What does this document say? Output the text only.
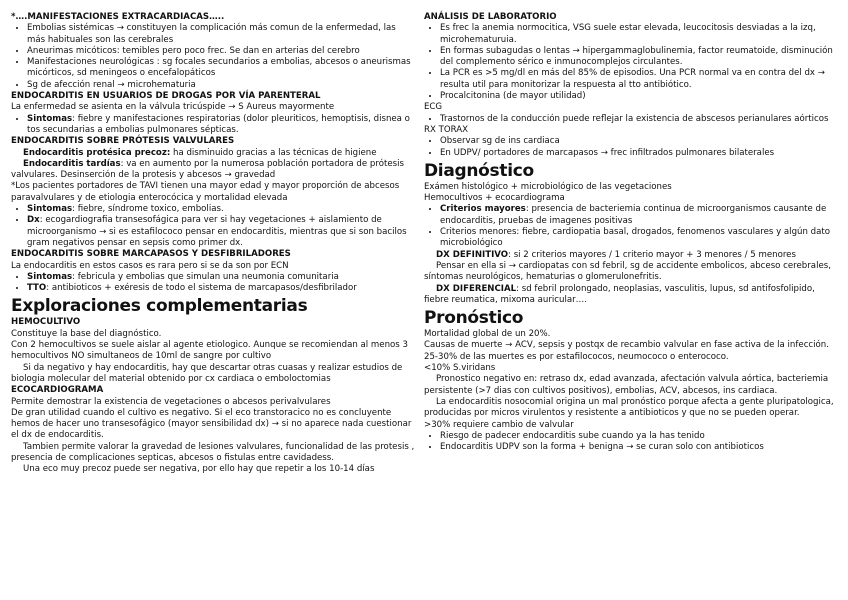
*….MANIFESTACIONES EXTRACARDIACAS…..

• Embolias sistémicas → constituyen la complicación más comun de la enfermedad, las más habituales son las cerebrales
• Aneurimas micóticos: temibles pero poco frec. Se dan en arterias del cerebro
• Manifestaciones neurológicas : sg focales secundarios a embolias, abcesos o aneurismas micórticos, sd meningeos o encefalopáticos
• Sg de afección renal → microhematuria

ENDOCARDITIS EN USUARIOS DE DROGAS POR VÍA PARENTERAL

La enfermedad se asienta en la válvula tricúspide → S Aureus mayormente

• Sintomas: fiebre y manifestaciones respiratorias (dolor pleuriticos, hemoptisis, disnea o tos secundarias a embolias pulmonares sépticas.

ENDOCARDITIS SOBRE PRÓTESIS VALVULARES

Endocarditis protésica precoz: ha disminuido gracias a las técnicas de higiene

Endocarditis tardías: va en aumento por la numerosa población portadora de prótesis valvulares. Desinserción de la protesis y abcesos → gravedad

*Los pacientes portadores de TAVI tienen una mayor edad y mayor proporción de abcesos paravalvulares y de etiologia enterocócica y mortalidad elevada

• Sintomas: fiebre, síndrome toxico, embolias.
• Dx: ecogardiografia transesofágica para ver si hay vegetaciones + aislamiento de microorganismo → si es estafilococo pensar en endocarditis, mientras que si son bacilos gram negativos pensar en sepsis como primer dx.

ENDOCARDITIS SOBRE MARCAPASOS Y DESFIBRILADORES

La endocarditis en estos casos es rara pero si se da son por ECN

• Sintomas: febricula y embolias que simulan una neumonia comunitaria
• TTO: antibioticos + exéresis de todo el sistema de marcapasos/desfibrilador

Exploraciones complementarias

HEMOCULTIVO

Constituye la base del diagnóstico.

Con 2 hemocultivos se suele aislar al agente etiologico. Aunque se recomiendan al menos 3 hemocultivos NO simultaneos de 10ml de sangre por cultivo

Si da negativo y hay endocarditis, hay que descartar otras cuasas y realizar estudios de biologia molecular del material obtenido por cx cardiaca o emboloctomias

ECOCARDIOGRAMA

Permite demostrar la existencia de vegetaciones o abcesos perivalvulares

De gran utilidad cuando el cultivo es negativo. Si el eco transtoracico no es concluyente hemos de hacer uno transesofágico (mayor sensibilidad dx) → si no aparece nada cuestionar el dx de endocarditis.

Tambien permite valorar la gravedad de lesiones valvulares, funcionalidad de las protesis , presencia de complicaciones septicas, abcesos o fistulas entre cavidadess.

Una eco muy precoz puede ser negativa, por ello hay que repetir a los 10-14 días

ANÁLISIS DE LABORATORIO

• Es frec la anemia normocitica, VSG suele estar elevada, leucocitosis desviadas a la izq, microhematuruia.
• En formas subagudas o lentas → hipergammaglobulinemia, factor reumatoide, disminución del complemento sérico e inmunocomplejos circulantes.
• La PCR es >5 mg/dl en más del 85% de episodios. Una PCR normal va en contra del dx → resulta util para monitorizar la respuesta al tto antibiótico.
• Procalcitonina (de mayor utilidad)

ECG

• Trastornos de la conducción puede reflejar la existencia de abscesos perianulares aórticos

RX TORAX

• Observar sg de ins cardiaca
• En UDPV/ portadores de marcapasos → frec infiltrados pulmonares bilaterales

Diagnóstico

Exámen histológico + microbiológico de las vegetaciones

Hemocultivos + ecocardiograma

• Criterios mayores: presencia de bacteriemia continua de microorganismos causante de endocarditis, pruebas de imagenes positivas
• Criterios menores: fiebre, cardiopatia basal, drogados, fenomenos vasculares y algún dato microbiológico

DX DEFINITIVO: si 2 criterios mayores / 1 criterio mayor + 3 menores / 5 menores

Pensar en ella si → cardiopatas con sd febril, sg de accidente embolicos, abceso cerebrales, síntomas neurológicos, hematurias o glomerulonefritis.

DX DIFERENCIAL: sd febril prolongado, neoplasias, vasculitis, lupus, sd antifosfolipido, fiebre reumatica, mixoma auricular….

Pronóstico

Mortalidad global de un 20%.

Causas de muerte → ACV, sepsis y postqx de recambio valvular en fase activa de la infección.

25-30% de las muertes es por estafilococos, neumococo o enterococo.

<10% S.viridans

Pronostico negativo en: retraso dx, edad avanzada, afectación valvula aórtica, bacteriemia persistente (>7 dias con cultivos positivos), embolias, ACV, abcesos, ins cardiaca.

La endocarditis nosocomial origina un mal pronóstico porque afecta a gente pluripatologica, producidas por micros virulentos y resistente a antibioticos y que no se pueden operar.

>30% requiere cambio de valvular

• Riesgo de padecer endocarditis sube cuando ya la has tenido
• Endocarditis UDPV son la forma + benigna → se curan solo con antibioticos
